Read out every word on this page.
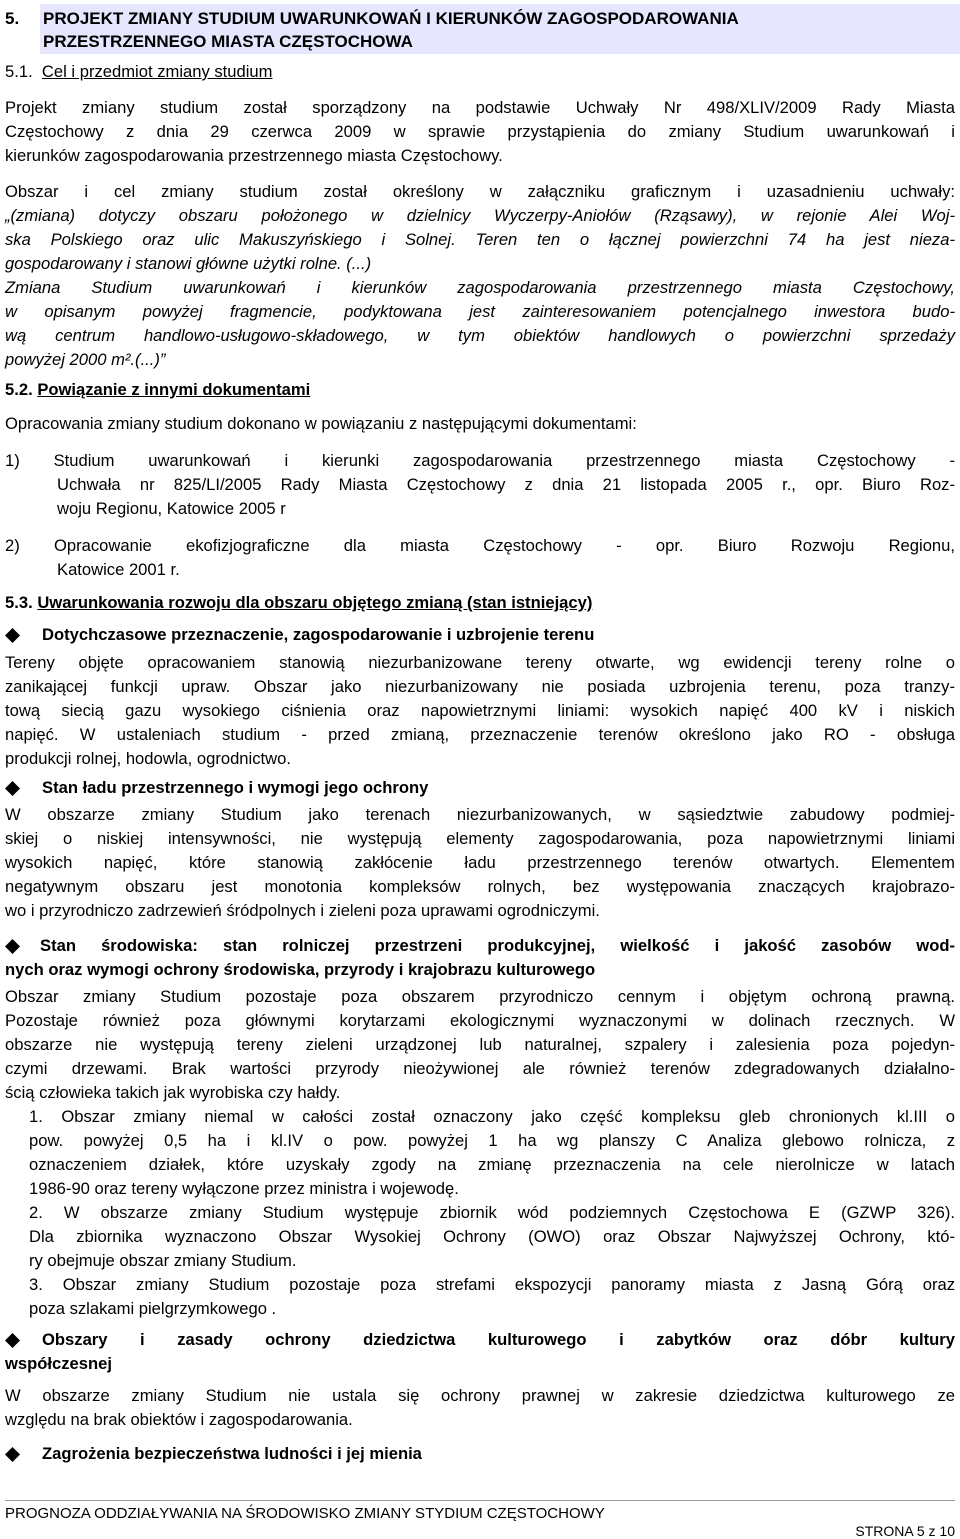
5. PROJEKT ZMIANY STUDIUM UWARUNKOWAŃ I KIERUNKÓW ZAGOSPODAROWANIA
PRZESTRZENNEGO MIASTA CZĘSTOCHOWA
5.1. Cel i przedmiot zmiany studium
Projekt zmiany studium został sporządzony na podstawie Uchwały Nr 498/XLIV/2009 Rady Miasta
Częstochowy z dnia 29 czerwca 2009 w sprawie przystąpienia do zmiany Studium uwarunkowań i
kierunków zagospodarowania przestrzennego miasta Częstochowy.
Obszar i cel zmiany studium został określony w załączniku graficznym i uzasadnieniu uchwały:
„(zmiana) dotyczy obszaru położonego w dzielnicy Wyczerpy-Aniołów (Rząsawy), w rejonie Alei Woj-
ska Polskiego oraz ulic Makuszyńskiego i Solnej. Teren ten o łącznej powierzchni 74 ha jest nieza-
gospodarowany i stanowi główne użytki rolne. (...)
Zmiana Studium uwarunkowań i kierunków zagospodarowania przestrzennego miasta Częstochowy,
w opisanym powyżej fragmencie, podyktowana jest zainteresowaniem potencjalnego inwestora budo-
wą centrum handlowo-usługowo-składowego, w tym obiektów handlowych o powierzchni sprzedaży
powyżej 2000 m².(...)”
5.2. Powiązanie z innymi dokumentami
Opracowania zmiany studium dokonano w powiązaniu z następującymi dokumentami:
1) Studium uwarunkowań i kierunki zagospodarowania przestrzennego miasta Częstochowy -
Uchwała nr 825/LI/2005 Rady Miasta Częstochowy z dnia 21 listopada 2005 r., opr. Biuro Roz-
woju Regionu, Katowice 2005 r
2) Opracowanie ekofizjograficzne dla miasta Częstochowy - opr. Biuro Rozwoju Regionu,
Katowice 2001 r.
5.3. Uwarunkowania rozwoju dla obszaru objętego zmianą (stan istniejący)
Dotychczasowe przeznaczenie, zagospodarowanie i uzbrojenie terenu
Tereny objęte opracowaniem stanowią niezurbanizowane tereny otwarte, wg ewidencji tereny rolne o
zanikającej funkcji upraw. Obszar jako niezurbanizowany nie posiada uzbrojenia terenu, poza tranzy-
tową siecią gazu wysokiego ciśnienia oraz napowietrznymi liniami: wysokich napięć 400 kV i niskich
napięć. W ustaleniach studium - przed zmianą, przeznaczenie terenów określono jako RO - obsługa
produkcji rolnej, hodowla, ogrodnictwo.
Stan ładu przestrzennego i wymogi jego ochrony
W obszarze zmiany Studium jako terenach niezurbanizowanych, w sąsiedztwie zabudowy podmiej-
skiej o niskiej intensywności, nie występują elementy zagospodarowania, poza napowietrznymi liniami
wysokich napięć, które stanowią zakłócenie ładu przestrzennego terenów otwartych. Elementem
negatywnym obszaru jest monotonia kompleksów rolnych, bez występowania znaczących krajobrazo-
wo i przyrodniczo zadrzewień śródpolnych i zieleni poza uprawami ogrodniczymi.
Stan środowiska: stan rolniczej przestrzeni produkcyjnej, wielkość i jakość zasobów wod-
nych oraz wymogi ochrony środowiska, przyrody i krajobrazu kulturowego
Obszar zmiany Studium pozostaje poza obszarem przyrodniczo cennym i objętym ochroną prawną.
Pozostaje również poza głównymi korytarzami ekologicznymi wyznaczonymi w dolinach rzecznych. W
obszarze nie występują tereny zieleni urządzonej lub naturalnej, szpalery i zalesienia poza pojedyn-
czymi drzewami. Brak wartości przyrody nieożywionej ale również terenów zdegradowanych działalno-
ścią człowieka takich jak wyrobiska czy hałdy.
1. Obszar zmiany niemal w całości został oznaczony jako część kompleksu gleb chronionych kl.III o
pow. powyżej 0,5 ha i kl.IV o pow. powyżej 1 ha wg planszy C Analiza glebowo rolnicza, z
oznaczeniem działek, które uzyskały zgody na zmianę przeznaczenia na cele nierolnicze w latach
1986-90 oraz tereny wyłączone przez ministra i wojewodę.
2. W obszarze zmiany Studium występuje zbiornik wód podziemnych Częstochowa E (GZWP 326).
Dla zbiornika wyznaczono Obszar Wysokiej Ochrony (OWO) oraz Obszar Najwyższej Ochrony, któ-
ry obejmuje obszar zmiany Studium.
3. Obszar zmiany Studium pozostaje poza strefami ekspozycji panoramy miasta z Jasną Górą oraz
poza szlakami pielgrzymkowego .
Obszary i zasady ochrony dziedzictwa kulturowego i zabytków oraz dóbr kultury
współczesnej
W obszarze zmiany Studium nie ustala się ochrony prawnej w zakresie dziedzictwa kulturowego ze
względu na brak obiektów i zagospodarowania.
Zagrożenia bezpieczeństwa ludności i jej mienia
PROGNOZA ODDZIAŁYWANIA NA ŚRODOWISKO ZMIANY STYDIUM CZĘSTOCHOWY
STRONA 5 z 10
